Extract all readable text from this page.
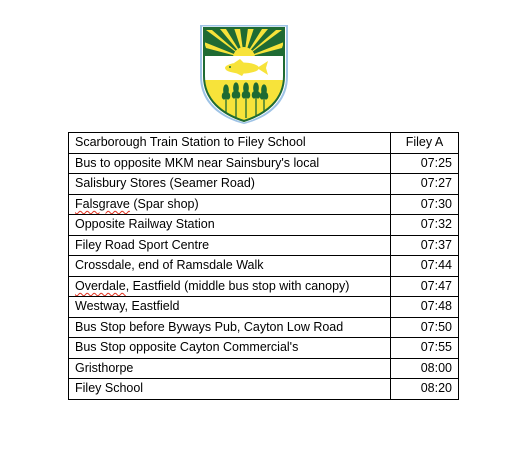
Scarborough Train Station to Filey School	Filey A
Bus to opposite MKM near Sainsbury's local	07:25
Salisbury Stores (Seamer Road)	07:27
Falsgrave (Spar shop)	07:30
Opposite Railway Station	07:32
Filey Road Sport Centre	07:37
Crossdale, end of Ramsdale Walk	07:44
Overdale, Eastfield (middle bus stop with canopy)	07:47
Westway, Eastfield	07:48
Bus Stop before Byways Pub, Cayton Low Road	07:50
Bus Stop opposite Cayton Commercial's	07:55
Gristhorpe	08:00
Filey School	08:20
